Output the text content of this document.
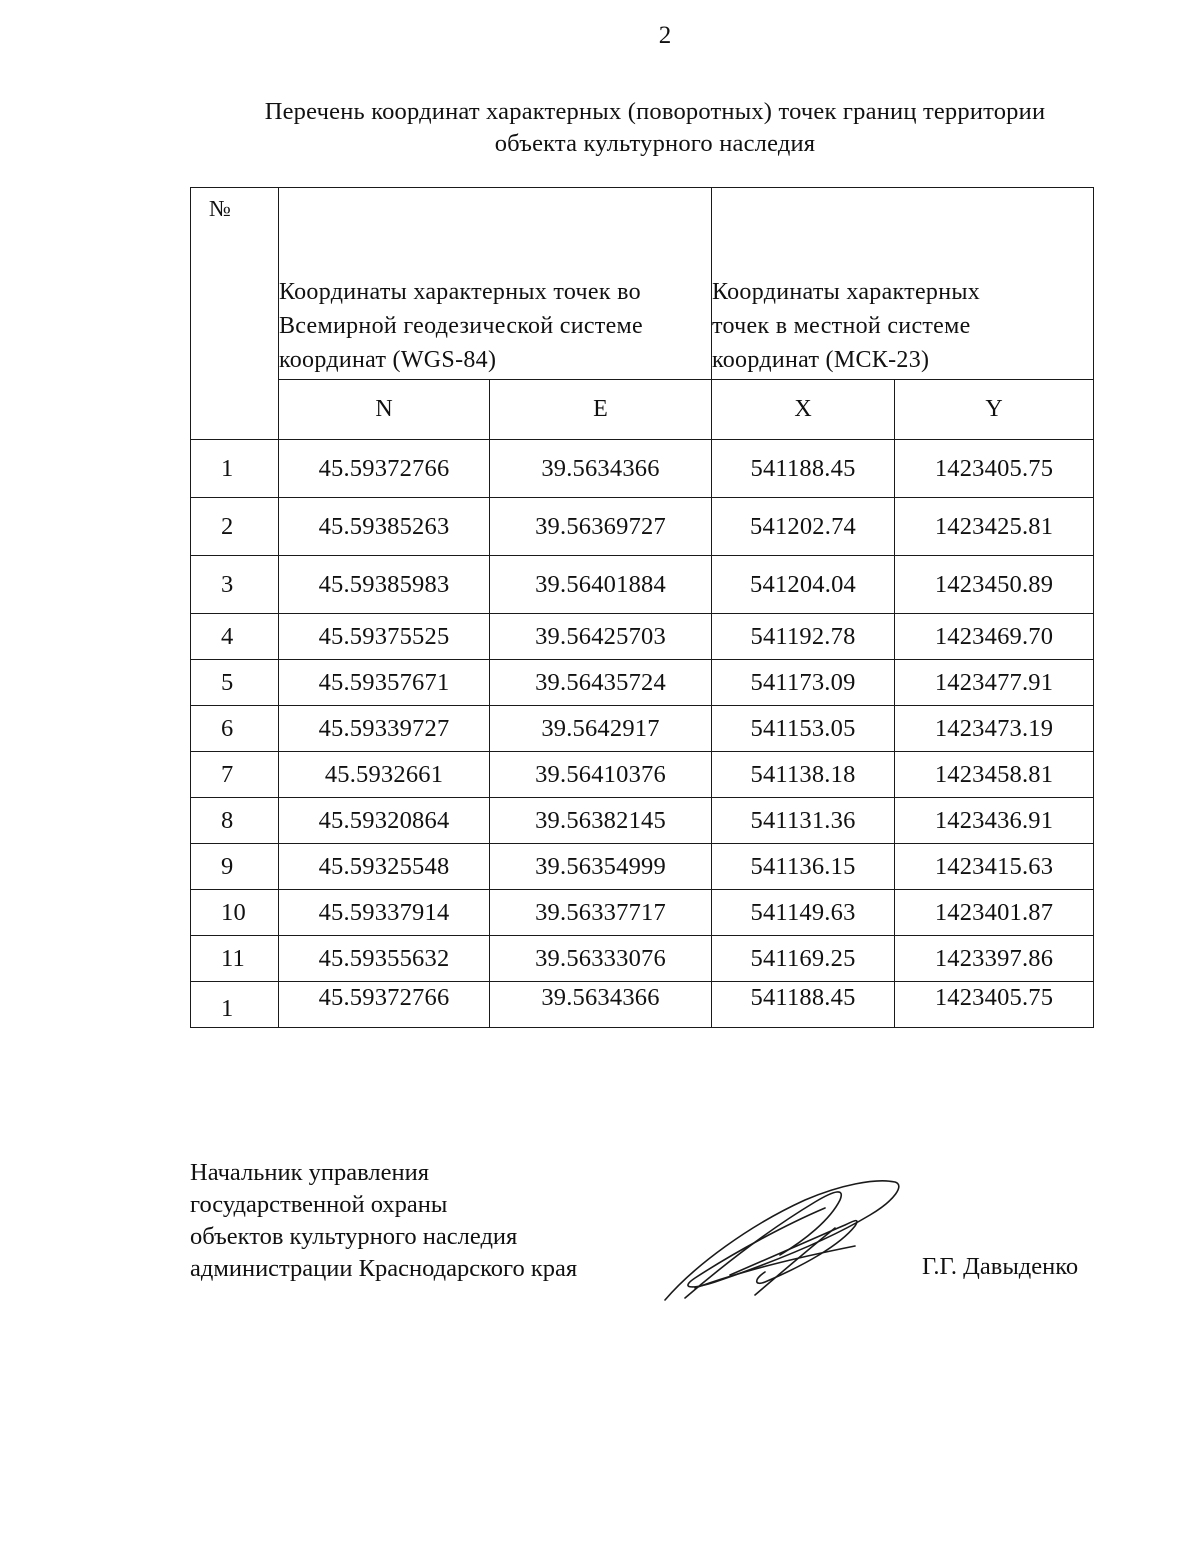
2
Перечень координат характерных (поворотных) точек границ территории
объекта культурного наследия
№	Координаты характерных точек во
Всемирной геодезической системе
координат (WGS-84)		Координаты характерных
точек в местной системе
координат (МСК-23)	

	N	E	X	Y
1	45.59372766	39.5634366	541188.45	1423405.75
2	45.59385263	39.56369727	541202.74	1423425.81
3	45.59385983	39.56401884	541204.04	1423450.89
4	45.59375525	39.56425703	541192.78	1423469.70
5	45.59357671	39.56435724	541173.09	1423477.91
6	45.59339727	39.5642917	541153.05	1423473.19
7	45.5932661	39.56410376	541138.18	1423458.81
8	45.59320864	39.56382145	541131.36	1423436.91
9	45.59325548	39.56354999	541136.15	1423415.63
10	45.59337914	39.56337717	541149.63	1423401.87
11	45.59355632	39.56333076	541169.25	1423397.86
1	45.59372766	39.5634366	541188.45	1423405.75
Начальник управления
государственной охраны
объектов культурного наследия
администрации Краснодарского края	Г.Г. Давыденко
